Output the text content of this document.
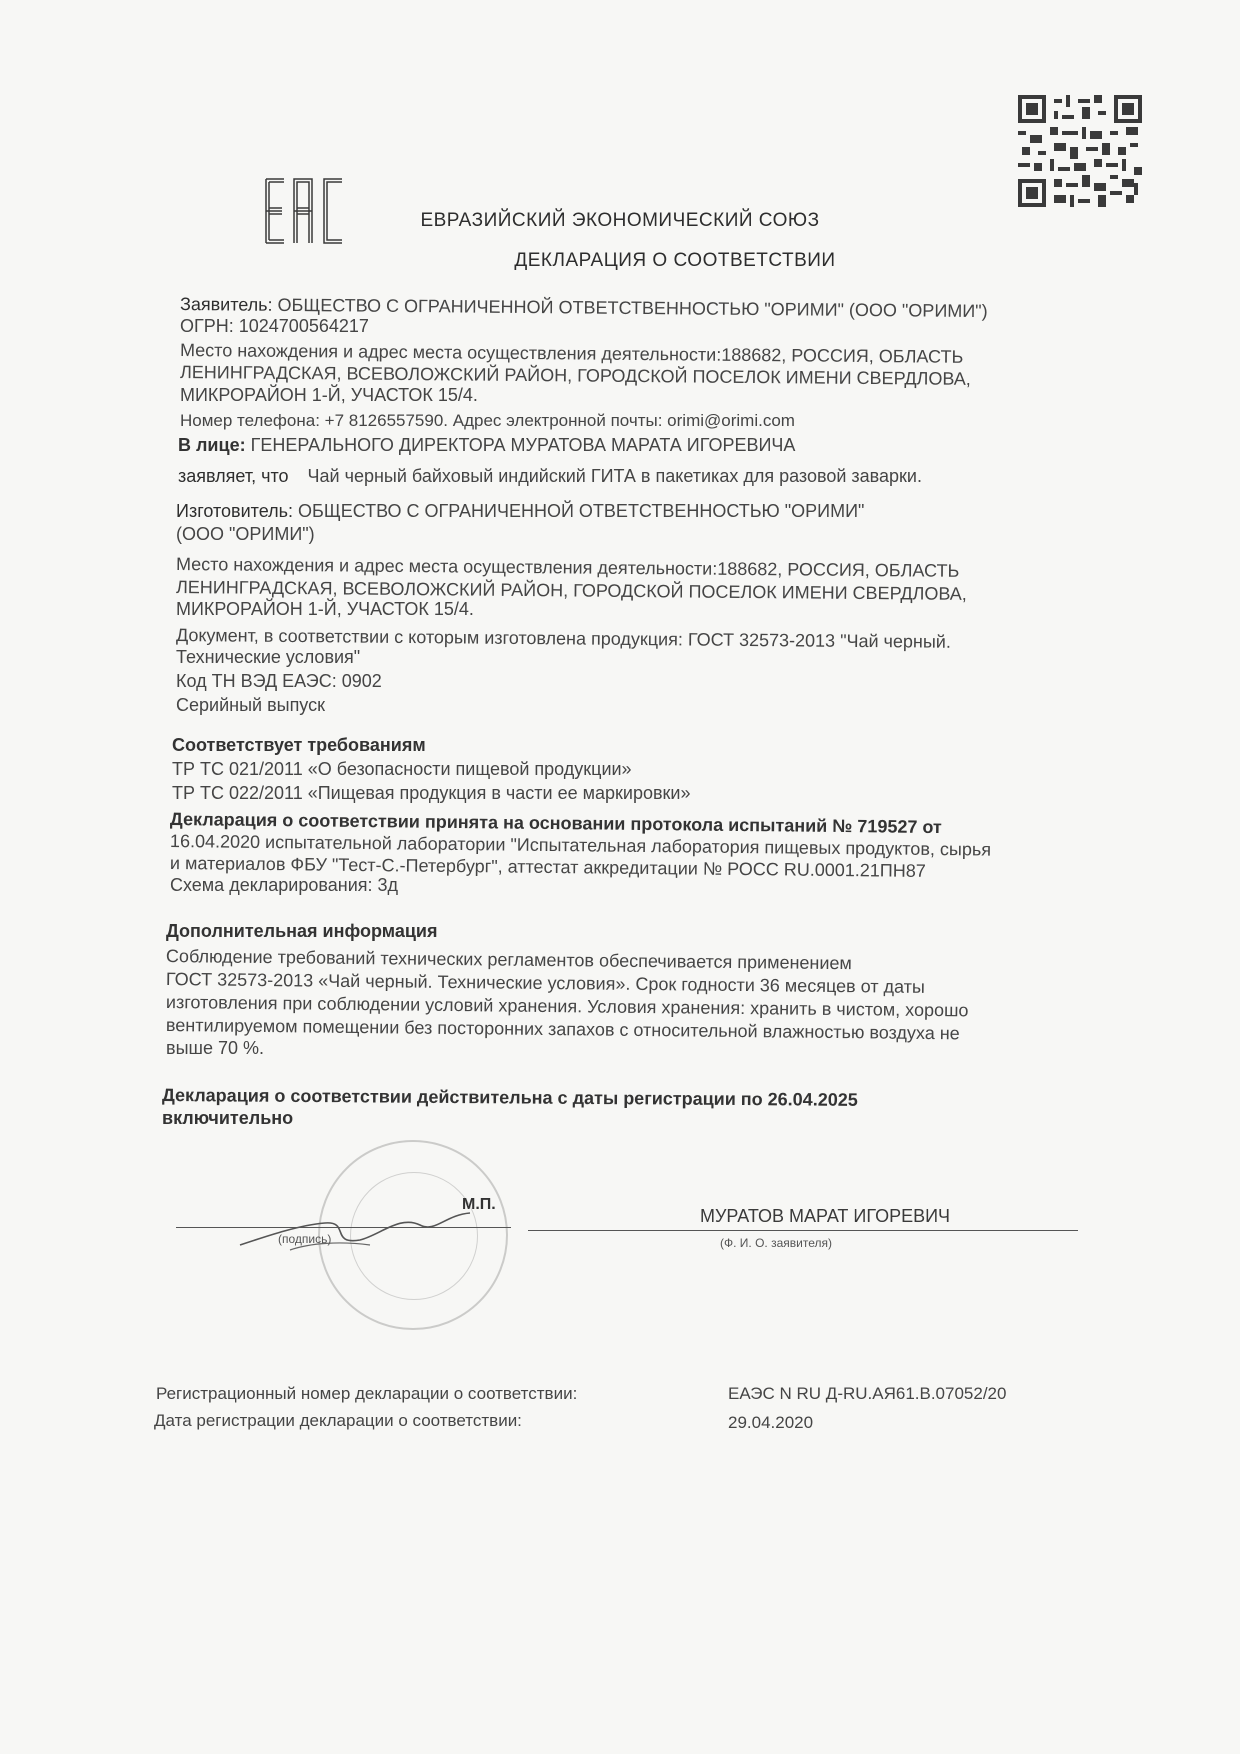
ЕВРАЗИЙСКИЙ ЭКОНОМИЧЕСКИЙ СОЮЗ
ДЕКЛАРАЦИЯ О СООТВЕТСТВИИ
Заявитель: ОБЩЕСТВО С ОГРАНИЧЕННОЙ ОТВЕТСТВЕННОСТЬЮ "ОРИМИ" (ООО "ОРИМИ")
ОГРН: 1024700564217
Место нахождения и адрес места осуществления деятельности:188682, РОССИЯ, ОБЛАСТЬ
ЛЕНИНГРАДСКАЯ, ВСЕВОЛОЖСКИЙ РАЙОН, ГОРОДСКОЙ ПОСЕЛОК ИМЕНИ СВЕРДЛОВА,
МИКРОРАЙОН 1-Й, УЧАСТОК 15/4.
Номер телефона: +7 8126557590. Адрес электронной почты: orimi@orimi.com
В лице: ГЕНЕРАЛЬНОГО ДИРЕКТОРА МУРАТОВА МАРАТА ИГОРЕВИЧА
заявляет, что Чай черный байховый индийский ГИТА в пакетиках для разовой заварки.
Изготовитель: ОБЩЕСТВО С ОГРАНИЧЕННОЙ ОТВЕТСТВЕННОСТЬЮ "ОРИМИ"
(ООО "ОРИМИ")
Место нахождения и адрес места осуществления деятельности:188682, РОССИЯ, ОБЛАСТЬ
ЛЕНИНГРАДСКАЯ, ВСЕВОЛОЖСКИЙ РАЙОН, ГОРОДСКОЙ ПОСЕЛОК ИМЕНИ СВЕРДЛОВА,
МИКРОРАЙОН 1-Й, УЧАСТОК 15/4.
Документ, в соответствии с которым изготовлена продукция: ГОСТ 32573-2013 "Чай черный.
Технические условия"
Код ТН ВЭД ЕАЭС: 0902
Серийный выпуск
Соответствует требованиям
ТР ТС 021/2011 «О безопасности пищевой продукции»
ТР ТС 022/2011 «Пищевая продукция в части ее маркировки»
Декларация о соответствии принята на основании протокола испытаний № 719527 от
16.04.2020 испытательной лаборатории "Испытательная лаборатория пищевых продуктов, сырья
и материалов ФБУ "Тест-С.-Петербург", аттестат аккредитации № РОСС RU.0001.21ПН87
Схема декларирования: 3д
Дополнительная информация
Соблюдение требований технических регламентов обеспечивается применением
ГОСТ 32573-2013 «Чай черный. Технические условия». Срок годности 36 месяцев от даты
изготовления при соблюдении условий хранения. Условия хранения: хранить в чистом, хорошо
вентилируемом помещении без посторонних запахов с относительной влажностью воздуха не
выше 70 %.
Декларация о соответствии действительна с даты регистрации по 26.04.2025
включительно
М.П.
(подпись)
МУРАТОВ МАРАТ ИГОРЕВИЧ
(Ф. И. О. заявителя)
Регистрационный номер декларации о соответствии:	ЕАЭС N RU Д-RU.АЯ61.В.07052/20
Дата регистрации декларации о соответствии:	29.04.2020
